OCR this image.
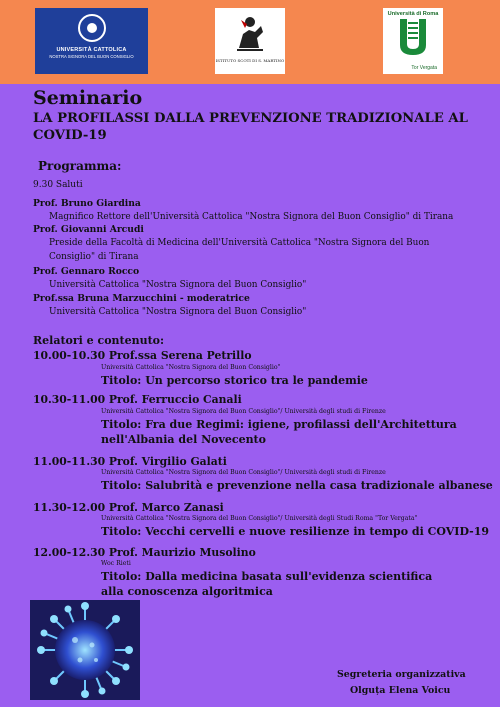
UNIVERSITÀ CATTOLICA
NOSTRA SIGNORA DEL BUON CONSIGLIO
ISTITUTO SCOTI DI S. MARTINO
Università di Roma
Tor Vergata
Seminario
LA PROFILASSI DALLA PREVENZIONE TRADIZIONALE AL
COVID-19
Programma:
9.30 Saluti
Prof. Bruno Giardina
Magnifico Rettore dell'Università Cattolica "Nostra Signora del Buon Consiglio" di Tirana
Prof. Giovanni Arcudi
Preside della Facoltà di Medicina dell'Università Cattolica "Nostra Signora del Buon
Consiglio" di Tirana
Prof. Gennaro Rocco
Università Cattolica "Nostra Signora del Buon Consiglio"
Prof.ssa Bruna Marzucchini - moderatrice
Università Cattolica "Nostra Signora del Buon Consiglio"
Relatori e contenuto:
10.00-10.30 Prof.ssa Serena Petrillo
Università Cattolica "Nostra Signora del Buon Consiglio"
Titolo: Un percorso storico tra le pandemie
10.30-11.00 Prof. Ferruccio Canali
Università Cattolica "Nostra Signora del Buon Consiglio"/ Università degli studi di Firenze
Titolo: Fra due Regimi: igiene, profilassi dell'Architettura
nell'Albania del Novecento
11.00-11.30 Prof. Virgilio Galati
Università Cattolica "Nostra Signora del Buon Consiglio"/ Università degli studi di Firenze
Titolo: Salubrità e prevenzione nella casa tradizionale albanese
11.30-12.00 Prof. Marco Zanasi
Università Cattolica "Nostra Signora del Buon Consiglio"/ Università degli Studi Roma "Tor Vergata"
Titolo: Vecchi cervelli e nuove resilienze in tempo di COVID-19
12.00-12.30 Prof. Maurizio Musolino
Woc Rieti
Titolo: Dalla medicina basata sull'evidenza scientifica
alla conoscenza algoritmica
Segreteria organizzativa
Olguța Elena Voicu
